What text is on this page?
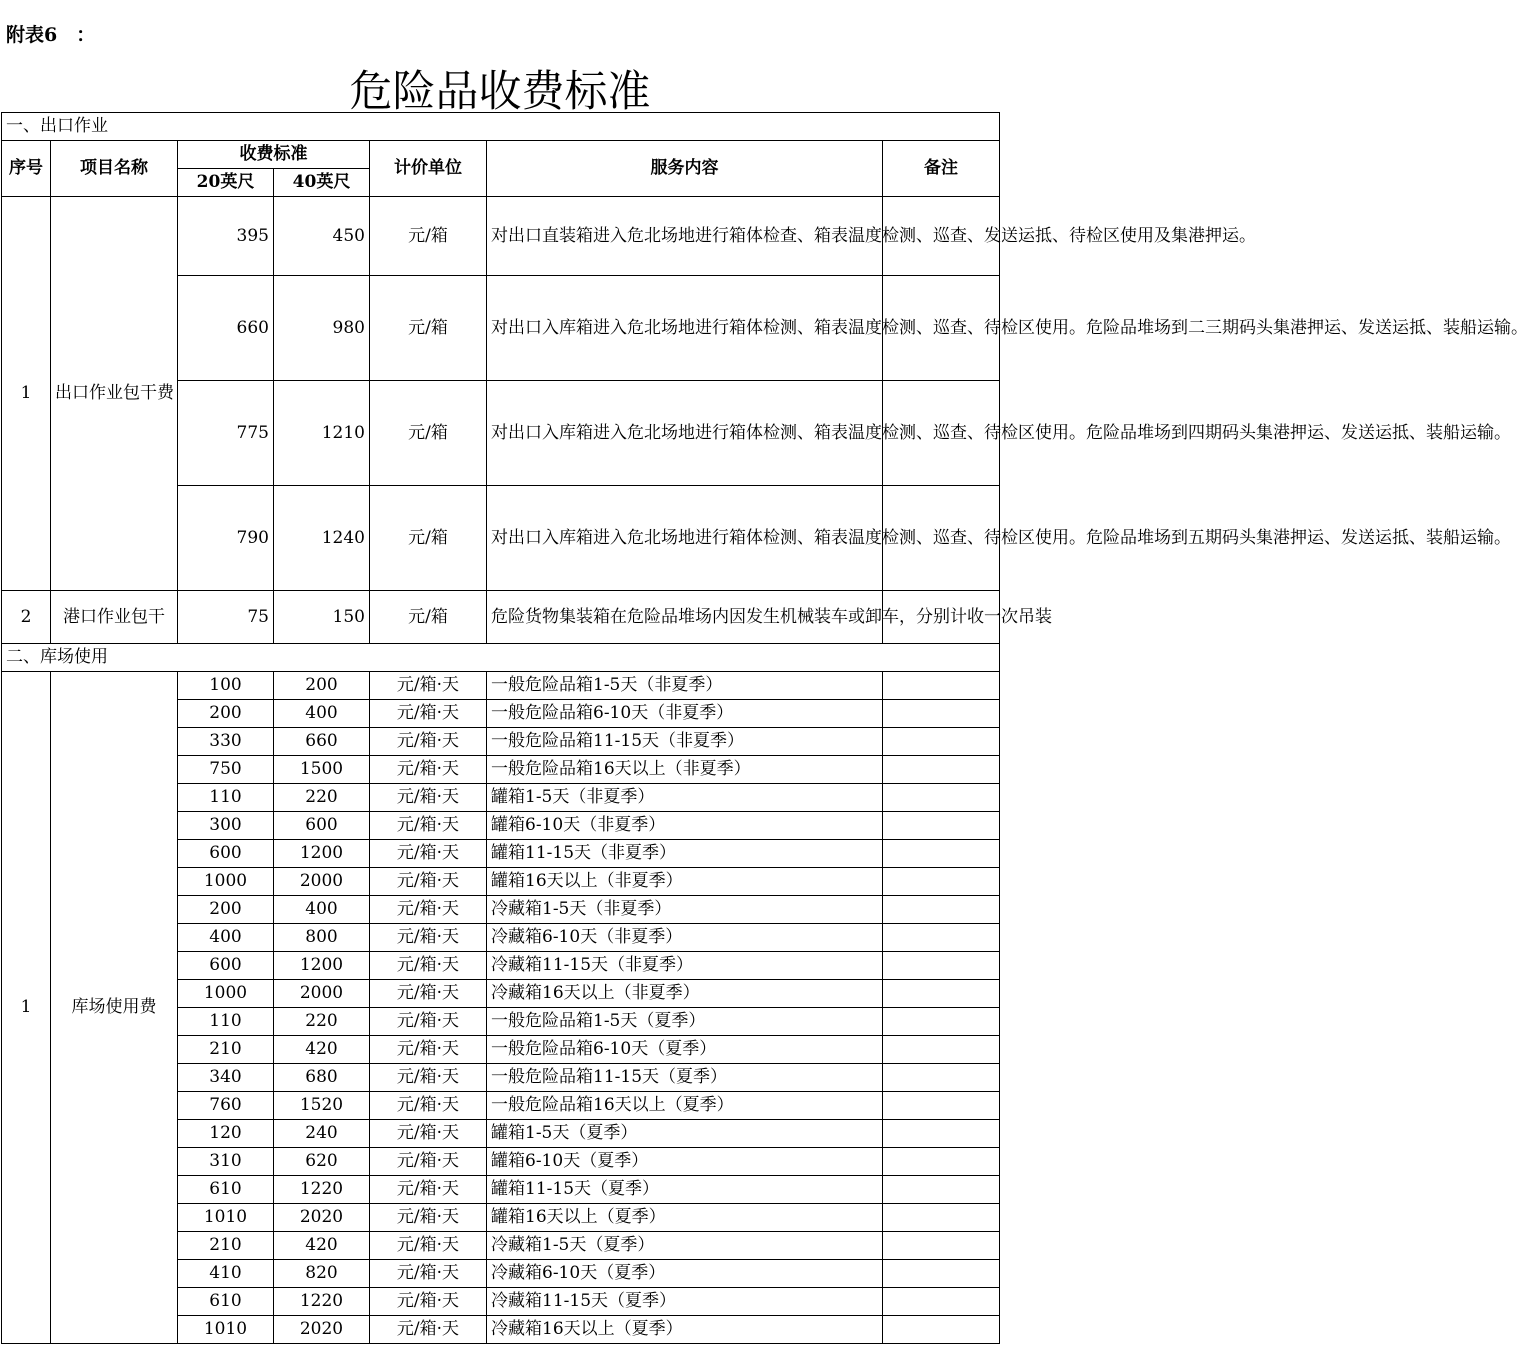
附表6　：
危险品收费标准
一、出口作业						
序号	项目名称	收费标准		计价单位	服务内容	备注
		20英尺	40英尺			
1	出口作业包干费	395	450	元/箱	对出口直装箱进入危北场地进行箱体检查、箱表温度检测、巡查、发送运抵、待检区使用及集港押运。	
		660	980	元/箱	对出口入库箱进入危北场地进行箱体检测、箱表温度检测、巡查、待检区使用。危险品堆场到二三期码头集港押运、发送运抵、装船运输。	
		775	1210	元/箱	对出口入库箱进入危北场地进行箱体检测、箱表温度检测、巡查、待检区使用。危险品堆场到四期码头集港押运、发送运抵、装船运输。	
		790	1240	元/箱	对出口入库箱进入危北场地进行箱体检测、箱表温度检测、巡查、待检区使用。危险品堆场到五期码头集港押运、发送运抵、装船运输。	
2	港口作业包干	75	150	元/箱	危险货物集装箱在危险品堆场内因发生机械装车或卸车，分别计收一次吊装	
二、库场使用						
1	库场使用费	100	200	元/箱·天	一般危险品箱1-5天（非夏季）	
		200	400	元/箱·天	一般危险品箱6-10天（非夏季）	
		330	660	元/箱·天	一般危险品箱11-15天（非夏季）	
		750	1500	元/箱·天	一般危险品箱16天以上（非夏季）	
		110	220	元/箱·天	罐箱1-5天（非夏季）	
		300	600	元/箱·天	罐箱6-10天（非夏季）	
		600	1200	元/箱·天	罐箱11-15天（非夏季）	
		1000	2000	元/箱·天	罐箱16天以上（非夏季）	
		200	400	元/箱·天	冷藏箱1-5天（非夏季）	
		400	800	元/箱·天	冷藏箱6-10天（非夏季）	
		600	1200	元/箱·天	冷藏箱11-15天（非夏季）	
		1000	2000	元/箱·天	冷藏箱16天以上（非夏季）	
		110	220	元/箱·天	一般危险品箱1-5天（夏季）	
		210	420	元/箱·天	一般危险品箱6-10天（夏季）	
		340	680	元/箱·天	一般危险品箱11-15天（夏季）	
		760	1520	元/箱·天	一般危险品箱16天以上（夏季）	
		120	240	元/箱·天	罐箱1-5天（夏季）	
		310	620	元/箱·天	罐箱6-10天（夏季）	
		610	1220	元/箱·天	罐箱11-15天（夏季）	
		1010	2020	元/箱·天	罐箱16天以上（夏季）	
		210	420	元/箱·天	冷藏箱1-5天（夏季）	
		410	820	元/箱·天	冷藏箱6-10天（夏季）	
		610	1220	元/箱·天	冷藏箱11-15天（夏季）	
		1010	2020	元/箱·天	冷藏箱16天以上（夏季）	
